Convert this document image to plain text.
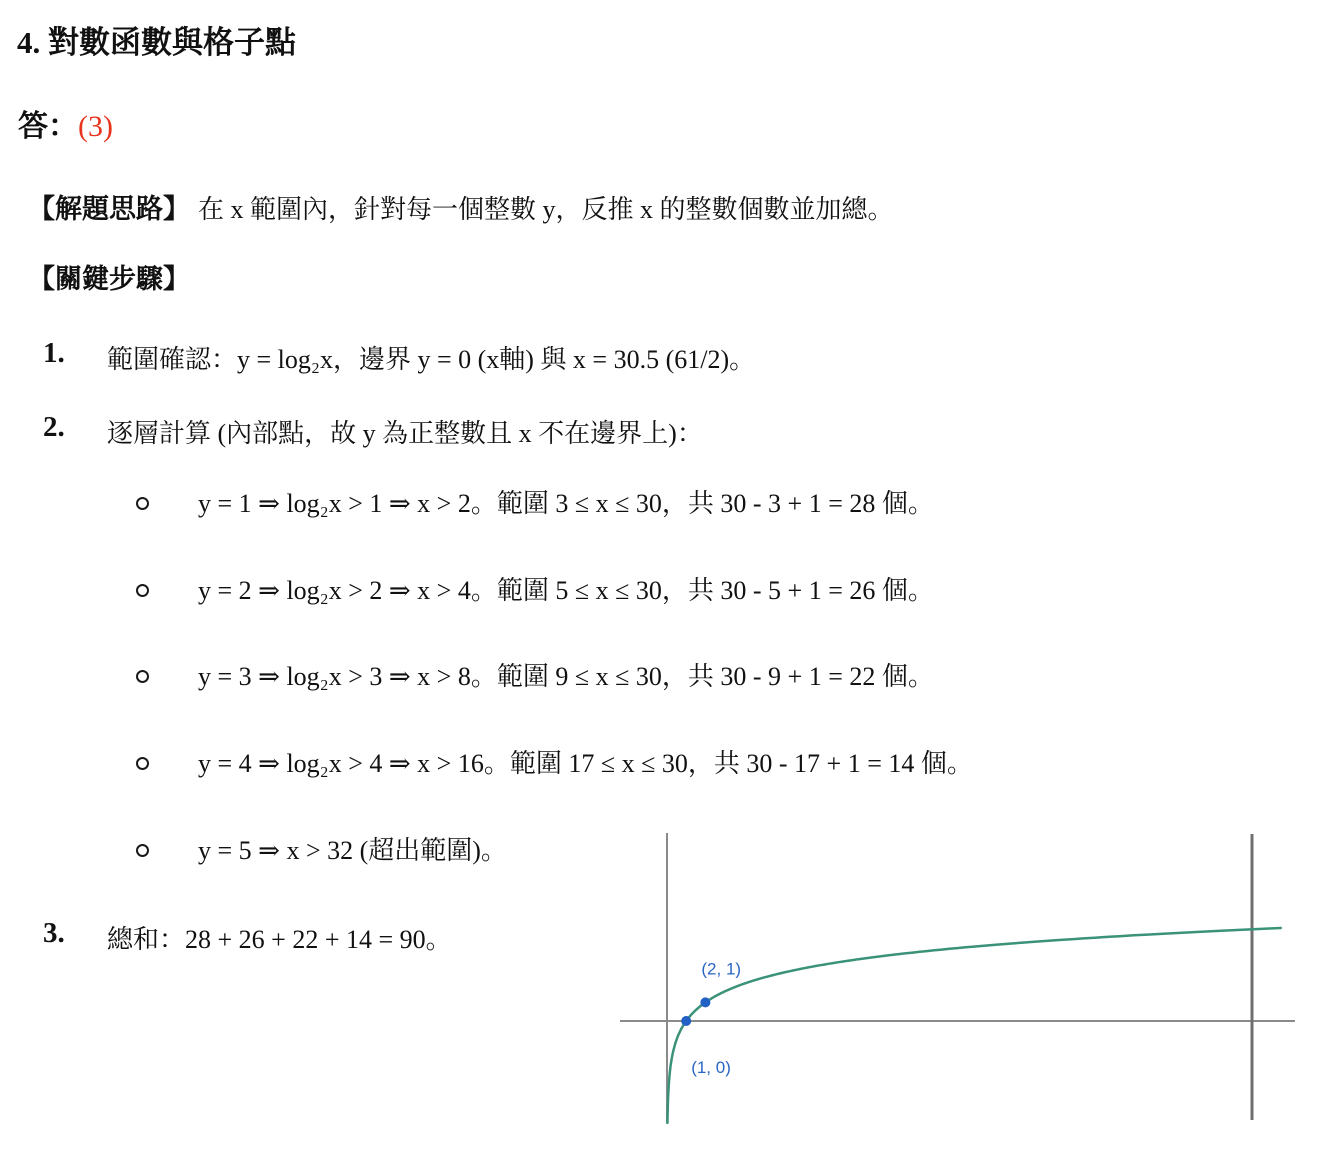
4. 對數函數與格子點
答：(3)
【解題思路】 在 x 範圍內，針對每一個整數 y，反推 x 的整數個數並加總。
【關鍵步驟】
1. 範圍確認：y = log₂x，邊界 y = 0 (x軸) 與 x = 30.5 (61/2)。
2. 逐層計算 (內部點，故 y 為正整數且 x 不在邊界上)：
y = 1 ⇒ log₂x > 1 ⇒ x > 2。範圍 3 ≤ x ≤ 30，共 30 - 3 + 1 = 28 個。
y = 2 ⇒ log₂x > 2 ⇒ x > 4。範圍 5 ≤ x ≤ 30，共 30 - 5 + 1 = 26 個。
y = 3 ⇒ log₂x > 3 ⇒ x > 8。範圍 9 ≤ x ≤ 30，共 30 - 9 + 1 = 22 個。
y = 4 ⇒ log₂x > 4 ⇒ x > 16。範圍 17 ≤ x ≤ 30，共 30 - 17 + 1 = 14 個。
y = 5 ⇒ x > 32 (超出範圍)。
3. 總和：28 + 26 + 22 + 14 = 90。
(1, 0)
(2, 1)
